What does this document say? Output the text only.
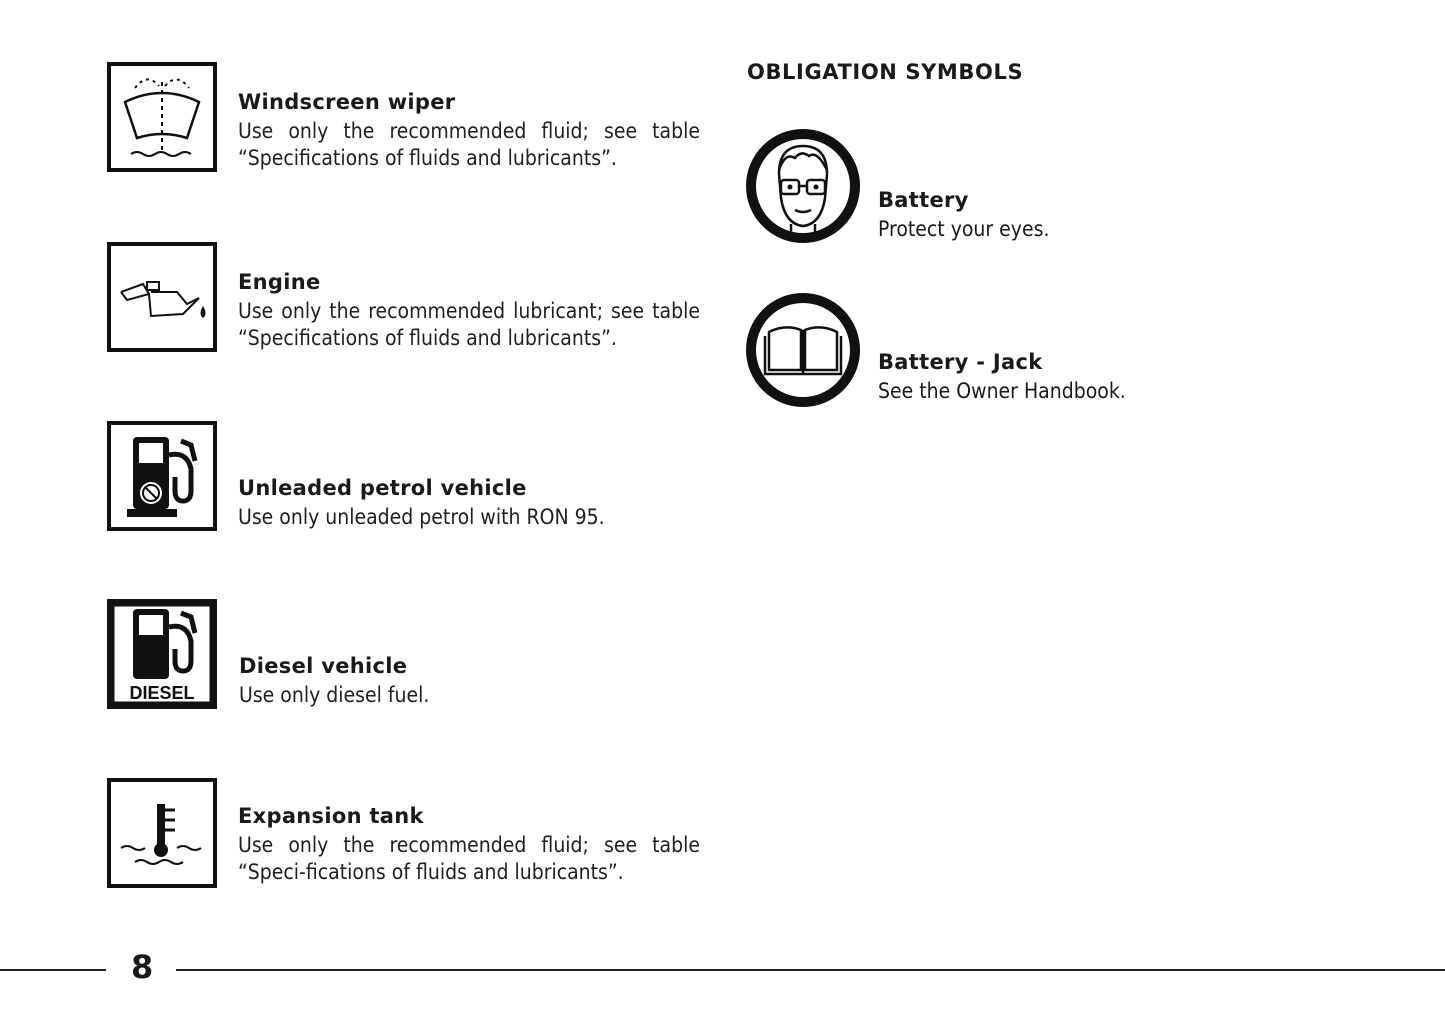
Windscreen wiper

Use only the recommended fluid; see table “Specifications of fluids and lubricants”.

Engine

Use only the recommended lubricant; see table “Specifications of fluids and lubricants”.

Unleaded petrol vehicle

Use only unleaded petrol with RON 95.

DIESEL

Diesel vehicle

Use only diesel fuel.

Expansion tank

Use only the recommended fluid; see table “Speci-fications of fluids and lubricants”.

OBLIGATION SYMBOLS

Battery

Protect your eyes.

Battery - Jack

See the Owner Handbook.

8
